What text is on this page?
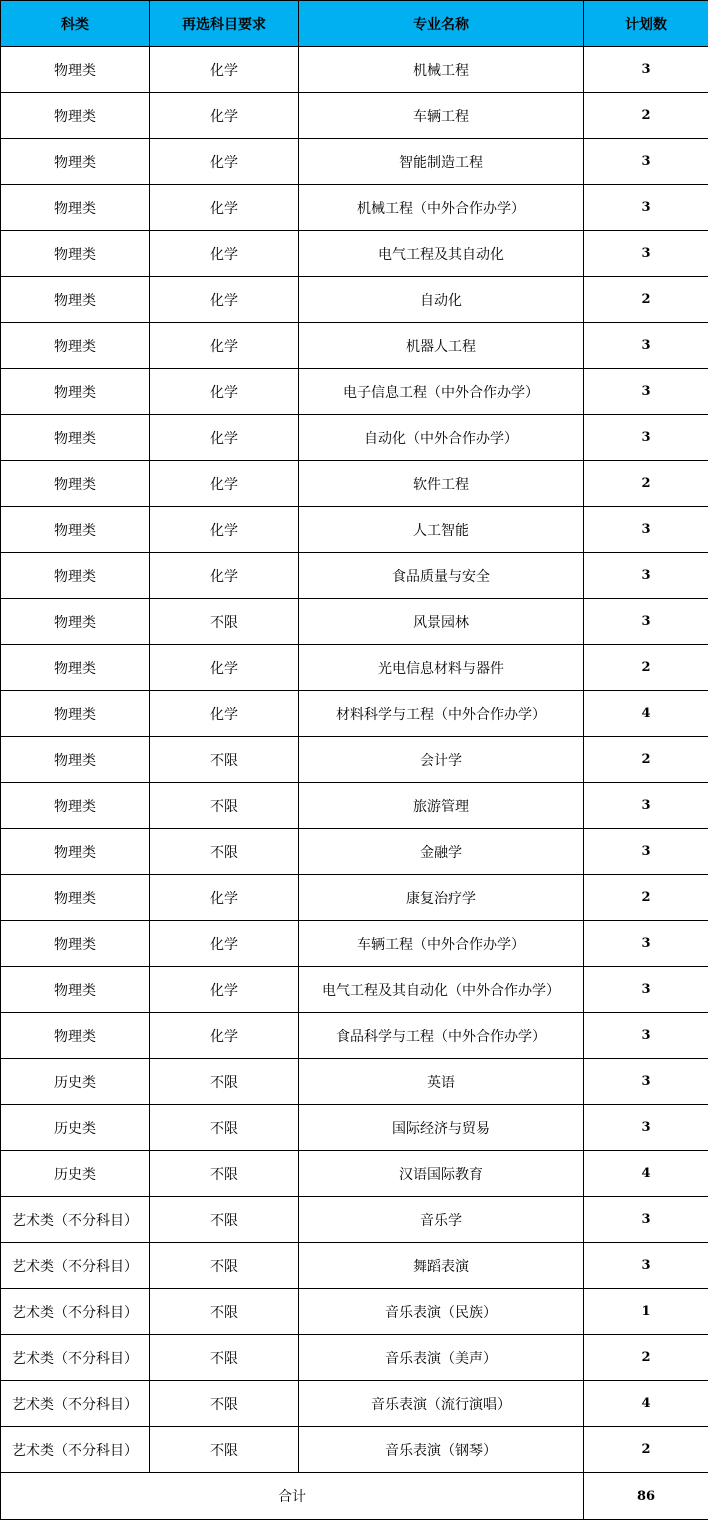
科类	再选科目要求	专业名称	计划数
物理类	化学	机械工程	3
物理类	化学	车辆工程	2
物理类	化学	智能制造工程	3
物理类	化学	机械工程（中外合作办学）	3
物理类	化学	电气工程及其自动化	3
物理类	化学	自动化	2
物理类	化学	机器人工程	3
物理类	化学	电子信息工程（中外合作办学）	3
物理类	化学	自动化（中外合作办学）	3
物理类	化学	软件工程	2
物理类	化学	人工智能	3
物理类	化学	食品质量与安全	3
物理类	不限	风景园林	3
物理类	化学	光电信息材料与器件	2
物理类	化学	材料科学与工程（中外合作办学）	4
物理类	不限	会计学	2
物理类	不限	旅游管理	3
物理类	不限	金融学	3
物理类	化学	康复治疗学	2
物理类	化学	车辆工程（中外合作办学）	3
物理类	化学	电气工程及其自动化（中外合作办学）	3
物理类	化学	食品科学与工程（中外合作办学）	3
历史类	不限	英语	3
历史类	不限	国际经济与贸易	3
历史类	不限	汉语国际教育	4
艺术类（不分科目）	不限	音乐学	3
艺术类（不分科目）	不限	舞蹈表演	3
艺术类（不分科目）	不限	音乐表演（民族）	1
艺术类（不分科目）	不限	音乐表演（美声）	2
艺术类（不分科目）	不限	音乐表演（流行演唱）	4
艺术类（不分科目）	不限	音乐表演（钢琴）	2
合计			86
